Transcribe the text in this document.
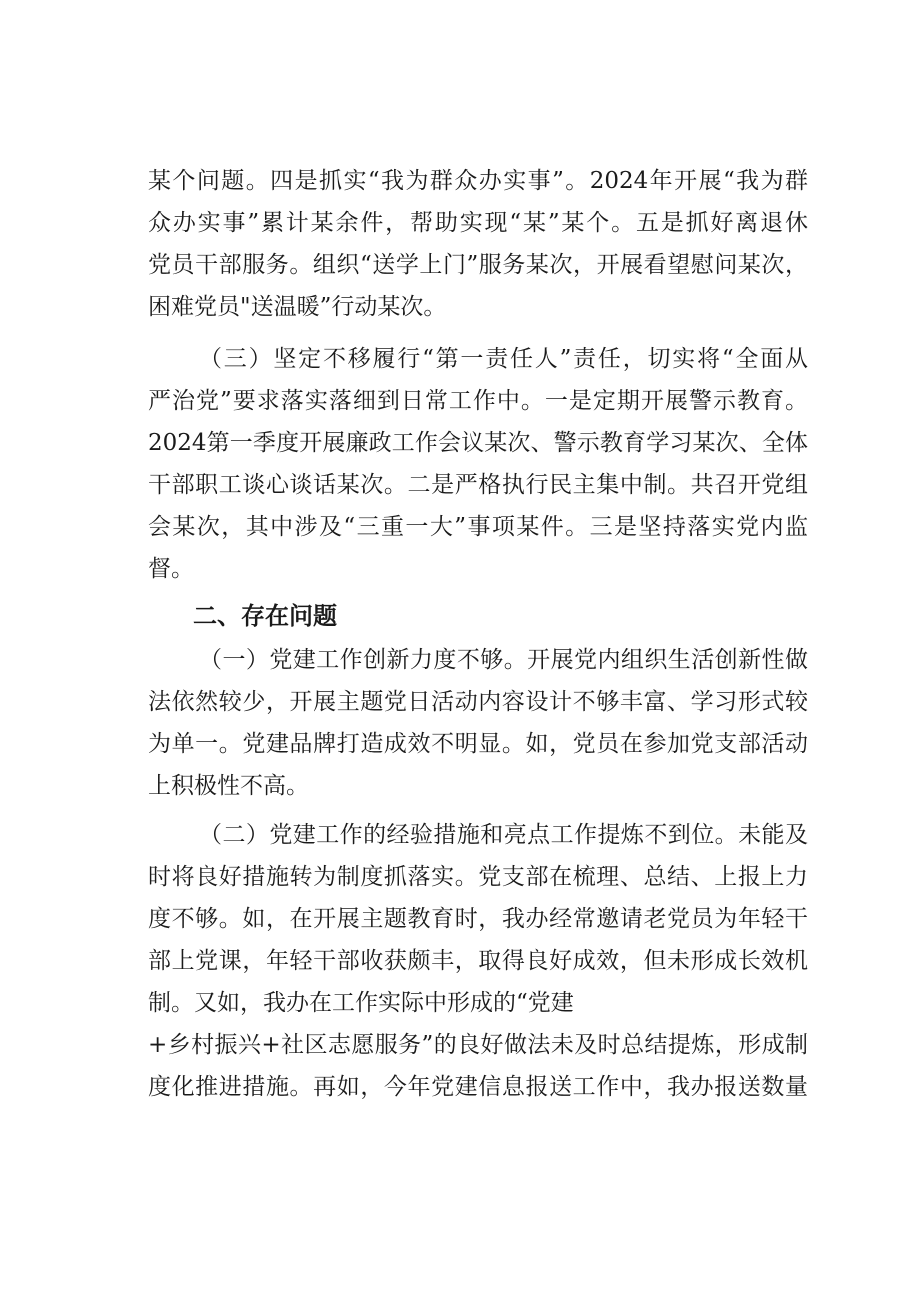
某个问题。四是抓实“我为群众办实事”。2024年开展“我为群
众办实事”累计某余件，帮助实现“某”某个。五是抓好离退休
党员干部服务。组织“送学上门”服务某次，开展看望慰问某次，
困难党员"送温暖”行动某次。
（三）坚定不移履行“第一责任人”责任，切实将“全面从
严治党”要求落实落细到日常工作中。一是定期开展警示教育。
2024第一季度开展廉政工作会议某次、警示教育学习某次、全体
干部职工谈心谈话某次。二是严格执行民主集中制。共召开党组
会某次，其中涉及“三重一大”事项某件。三是坚持落实党内监
督。
二、存在问题
（一）党建工作创新力度不够。开展党内组织生活创新性做
法依然较少，开展主题党日活动内容设计不够丰富、学习形式较
为单一。党建品牌打造成效不明显。如，党员在参加党支部活动
上积极性不高。
（二）党建工作的经验措施和亮点工作提炼不到位。未能及
时将良好措施转为制度抓落实。党支部在梳理、总结、上报上力
度不够。如，在开展主题教育时，我办经常邀请老党员为年轻干
部上党课，年轻干部收获颇丰，取得良好成效，但未形成长效机
制。又如，我办在工作实际中形成的“党建
+乡村振兴+社区志愿服务”的良好做法未及时总结提炼，形成制
度化推进措施。再如，今年党建信息报送工作中，我办报送数量
